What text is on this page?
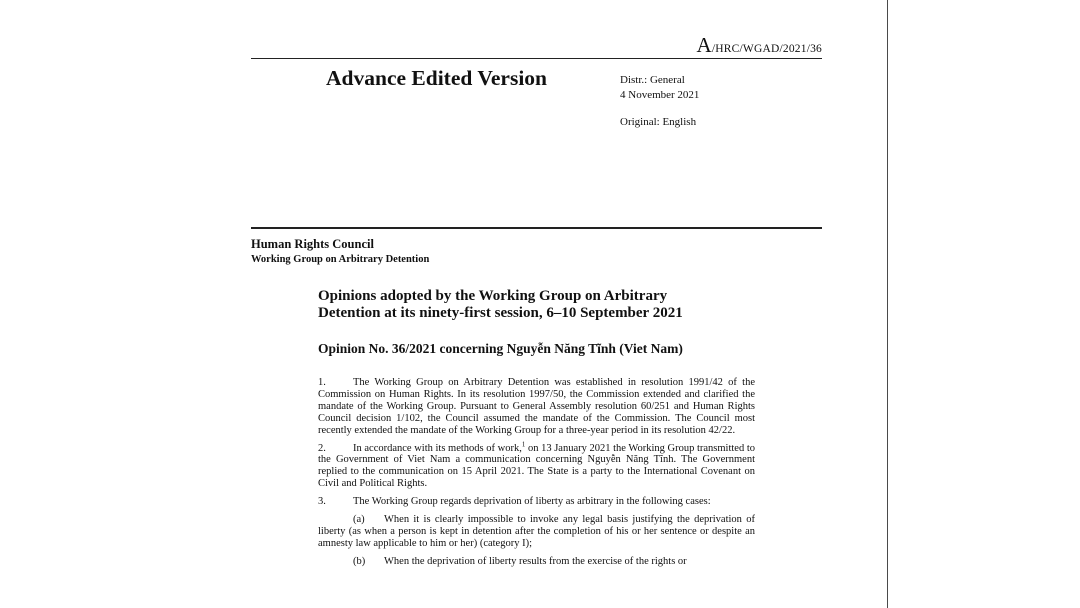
A/HRC/WGAD/2021/36
Advance Edited Version	Distr.: General
4 November 2021
Original: English
Human Rights Council
Working Group on Arbitrary Detention
Opinions adopted by the Working Group on Arbitrary
Detention at its ninety-first session, 6–10 September 2021
Opinion No. 36/2021 concerning Nguyễn Năng Tĩnh (Viet Nam)

1.	The Working Group on Arbitrary Detention was established in resolution 1991/42 of the Commission on Human Rights. In its resolution 1997/50, the Commission extended and clarified the mandate of the Working Group. Pursuant to General Assembly resolution 60/251 and Human Rights Council decision 1/102, the Council assumed the mandate of the Commission. The Council most recently extended the mandate of the Working Group for a three-year period in its resolution 42/22.

2.	In accordance with its methods of work,$^1$ on 13 January 2021 the Working Group transmitted to the Government of Viet Nam a communication concerning Nguyễn Năng Tĩnh. The Government replied to the communication on 15 April 2021. The State is a party to the International Covenant on Civil and Political Rights.

3.	The Working Group regards deprivation of liberty as arbitrary in the following cases:

(a) When it is clearly impossible to invoke any legal basis justifying the deprivation of liberty (as when a person is kept in detention after the completion of his or her sentence or despite an amnesty law applicable to him or her) (category I);

(b) When the deprivation of liberty results from the exercise of the rights or
